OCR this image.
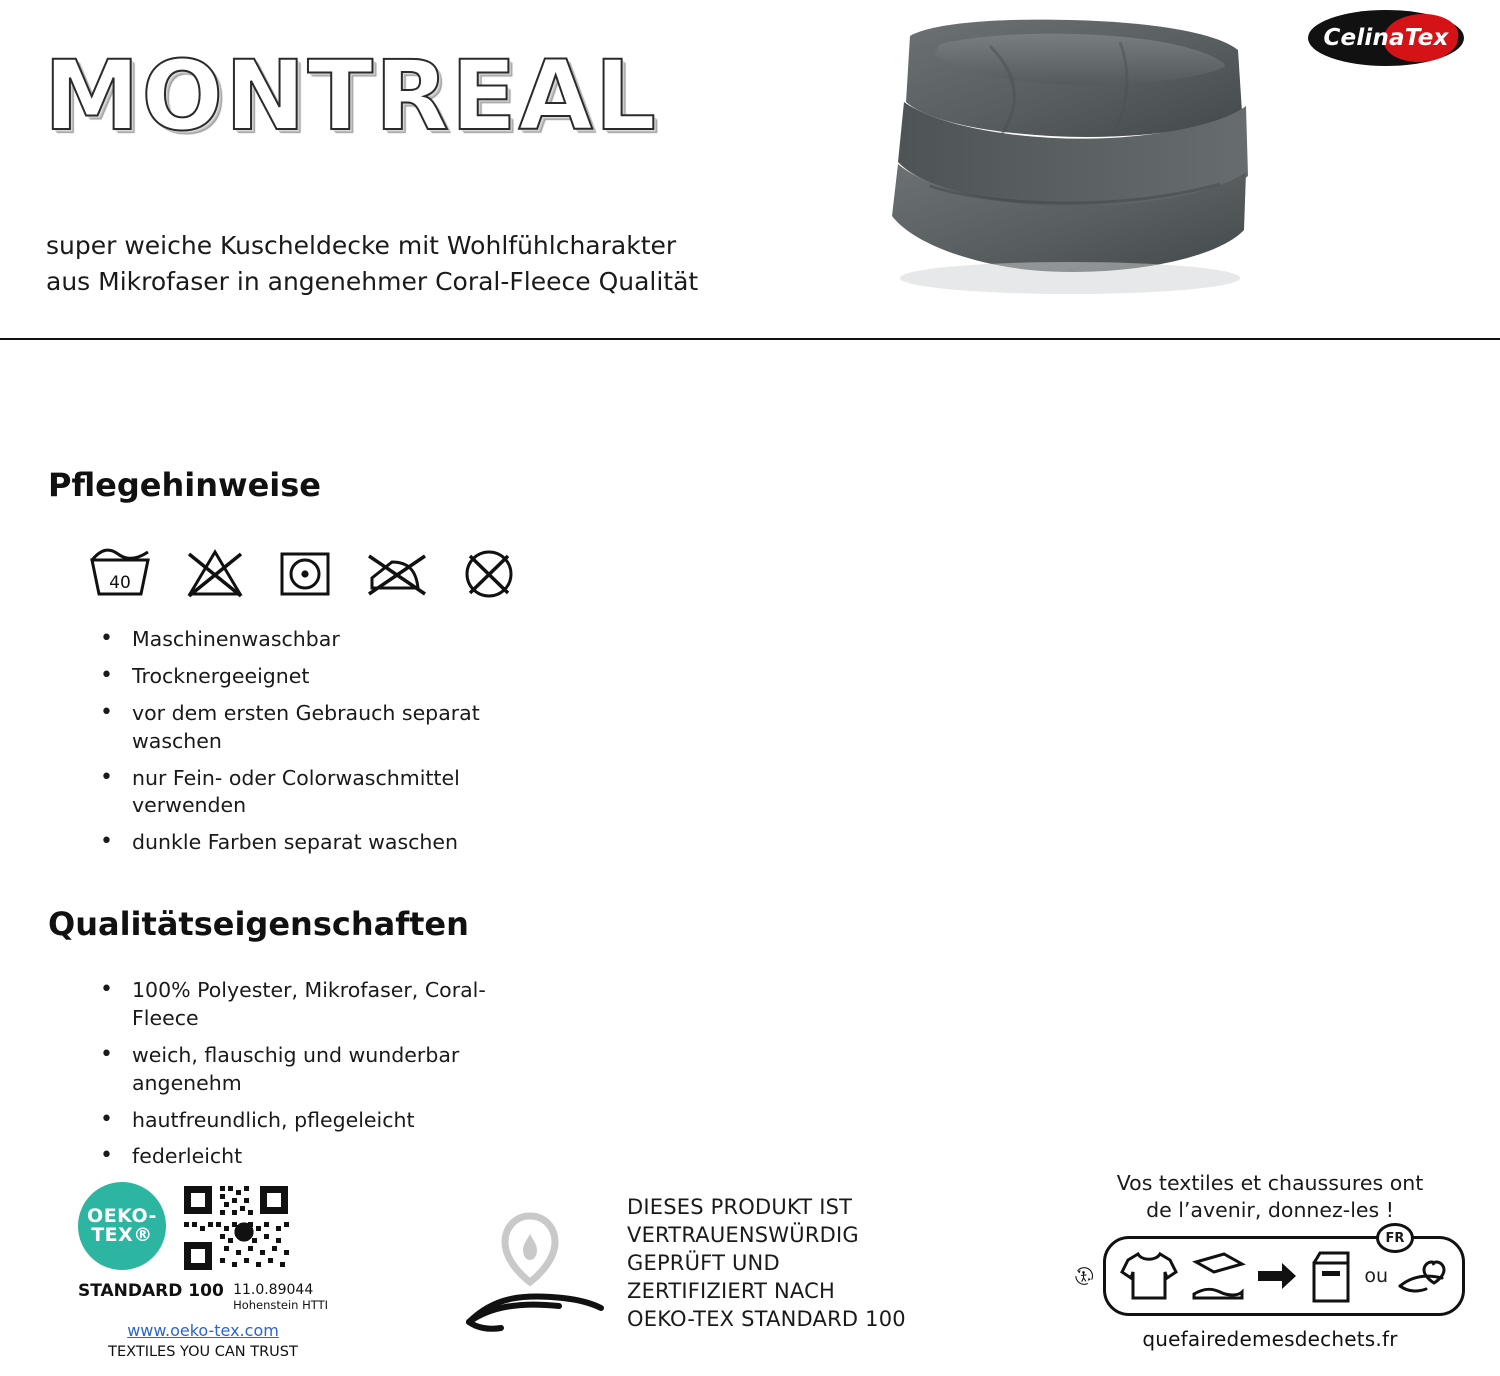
MONTREAL
super weiche Kuscheldecke mit Wohlfühlcharakter
aus Mikrofaser in angenehmer Coral-Fleece Qualität
Celina Tex
Pflegehinweise
40
• Maschinenwaschbar
• Trocknergeeignet
• vor dem ersten Gebrauch separat waschen
• nur Fein- oder Colorwaschmittel verwenden
• dunkle Farben separat waschen
Qualitätseigenschaften
• 100% Polyester, Mikrofaser, Coral-Fleece
• weich, flauschig und wunderbar angenehm
• hautfreundlich, pflegeleicht
• federleicht
OEKO-
TEX®
STANDARD 100 11.0.89044
Hohenstein HTTI
www.oeko-tex.com
TEXTILES YOU CAN TRUST
DIESES PRODUKT IST
VERTRAUENSWÜRDIG
GEPRÜFT UND
ZERTIFIZIERT NACH
OEKO-TEX STANDARD 100
Vos textiles et chaussures ont
de l’avenir, donnez-les !
FR
ou
quefairedemesdechets.fr
